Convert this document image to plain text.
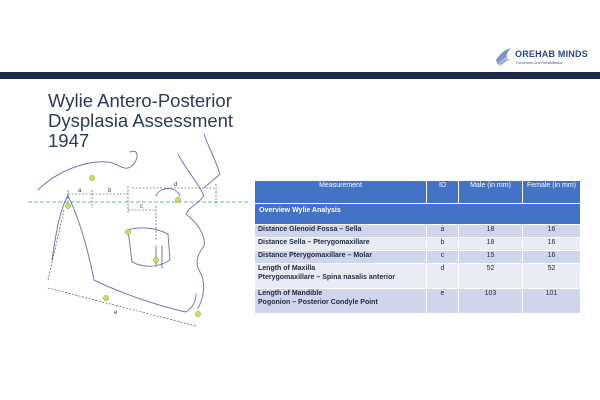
OREHAB MINDS
Functional Oral Rehabilitation
Wylie Antero-Posterior
Dysplasia Assessment
1947
a	b
c
d
e
Overview Wylie Analysis			
Measurement	ID	Male (in mm)	Female (in mm)
Distance Glenoid Fossa – Sella	a	18	16
Distance Sella – Pterygomaxillare	b	18	16
Distance Pterygomaxillare – Molar	c	15	16
Length of Maxilla
Pterygomaxillare – Spina nasalis anterior	d	52	52
Length of Mandible
Pogonion – Posterior Condyle Point	e	103	101
